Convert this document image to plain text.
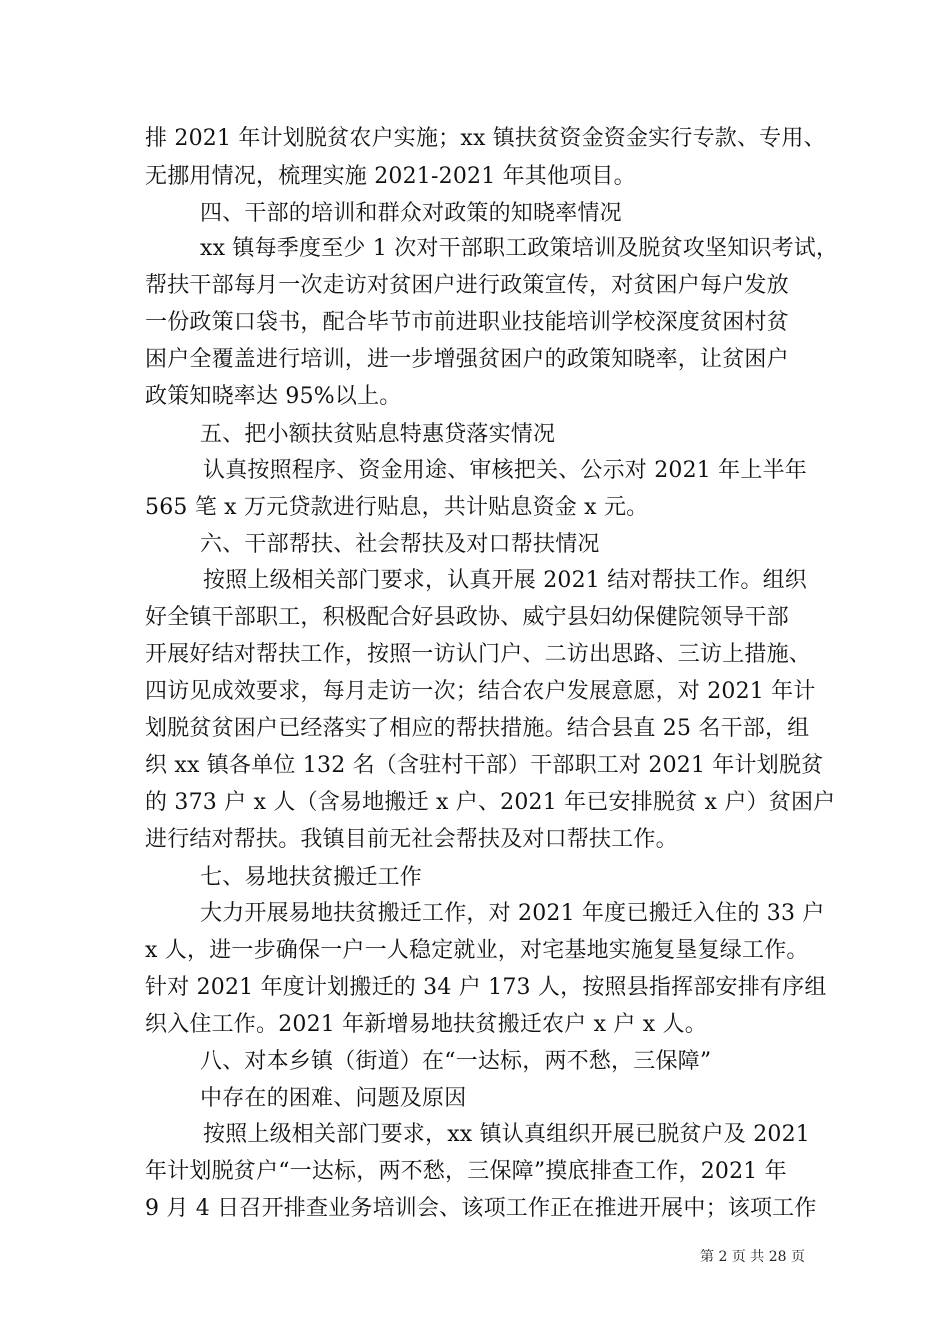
排 2021 年计划脱贫农户实施；xx 镇扶贫资金资金实行专款、专用、
无挪用情况，梳理实施 2021-2021 年其他项目。
四、干部的培训和群众对政策的知晓率情况
xx 镇每季度至少 1 次对干部职工政策培训及脱贫攻坚知识考试，
帮扶干部每月一次走访对贫困户进行政策宣传，对贫困户每户发放
一份政策口袋书，配合毕节市前进职业技能培训学校深度贫困村贫
困户全覆盖进行培训，进一步增强贫困户的政策知晓率，让贫困户
政策知晓率达 95%以上。
五、把小额扶贫贴息特惠贷落实情况
认真按照程序、资金用途、审核把关、公示对 2021 年上半年
565 笔 x 万元贷款进行贴息，共计贴息资金 x 元。
六、干部帮扶、社会帮扶及对口帮扶情况
按照上级相关部门要求，认真开展 2021 结对帮扶工作。组织
好全镇干部职工，积极配合好县政协、威宁县妇幼保健院领导干部
开展好结对帮扶工作，按照一访认门户、二访出思路、三访上措施、
四访见成效要求，每月走访一次；结合农户发展意愿，对 2021 年计
划脱贫贫困户已经落实了相应的帮扶措施。结合县直 25 名干部，组
织 xx 镇各单位 132 名（含驻村干部）干部职工对 2021 年计划脱贫
的 373 户 x 人（含易地搬迁 x 户、2021 年已安排脱贫 x 户）贫困户
进行结对帮扶。我镇目前无社会帮扶及对口帮扶工作。
七、易地扶贫搬迁工作
大力开展易地扶贫搬迁工作，对 2021 年度已搬迁入住的 33 户
x 人，进一步确保一户一人稳定就业，对宅基地实施复垦复绿工作。
针对 2021 年度计划搬迁的 34 户 173 人，按照县指挥部安排有序组
织入住工作。2021 年新增易地扶贫搬迁农户 x 户 x 人。
八、对本乡镇（街道）在“一达标，两不愁，三保障”
中存在的困难、问题及原因
按照上级相关部门要求，xx 镇认真组织开展已脱贫户及 2021
年计划脱贫户“一达标，两不愁，三保障”摸底排查工作，2021 年
9 月 4 日召开排查业务培训会、该项工作正在推进开展中；该项工作
第 2 页 共 28 页
